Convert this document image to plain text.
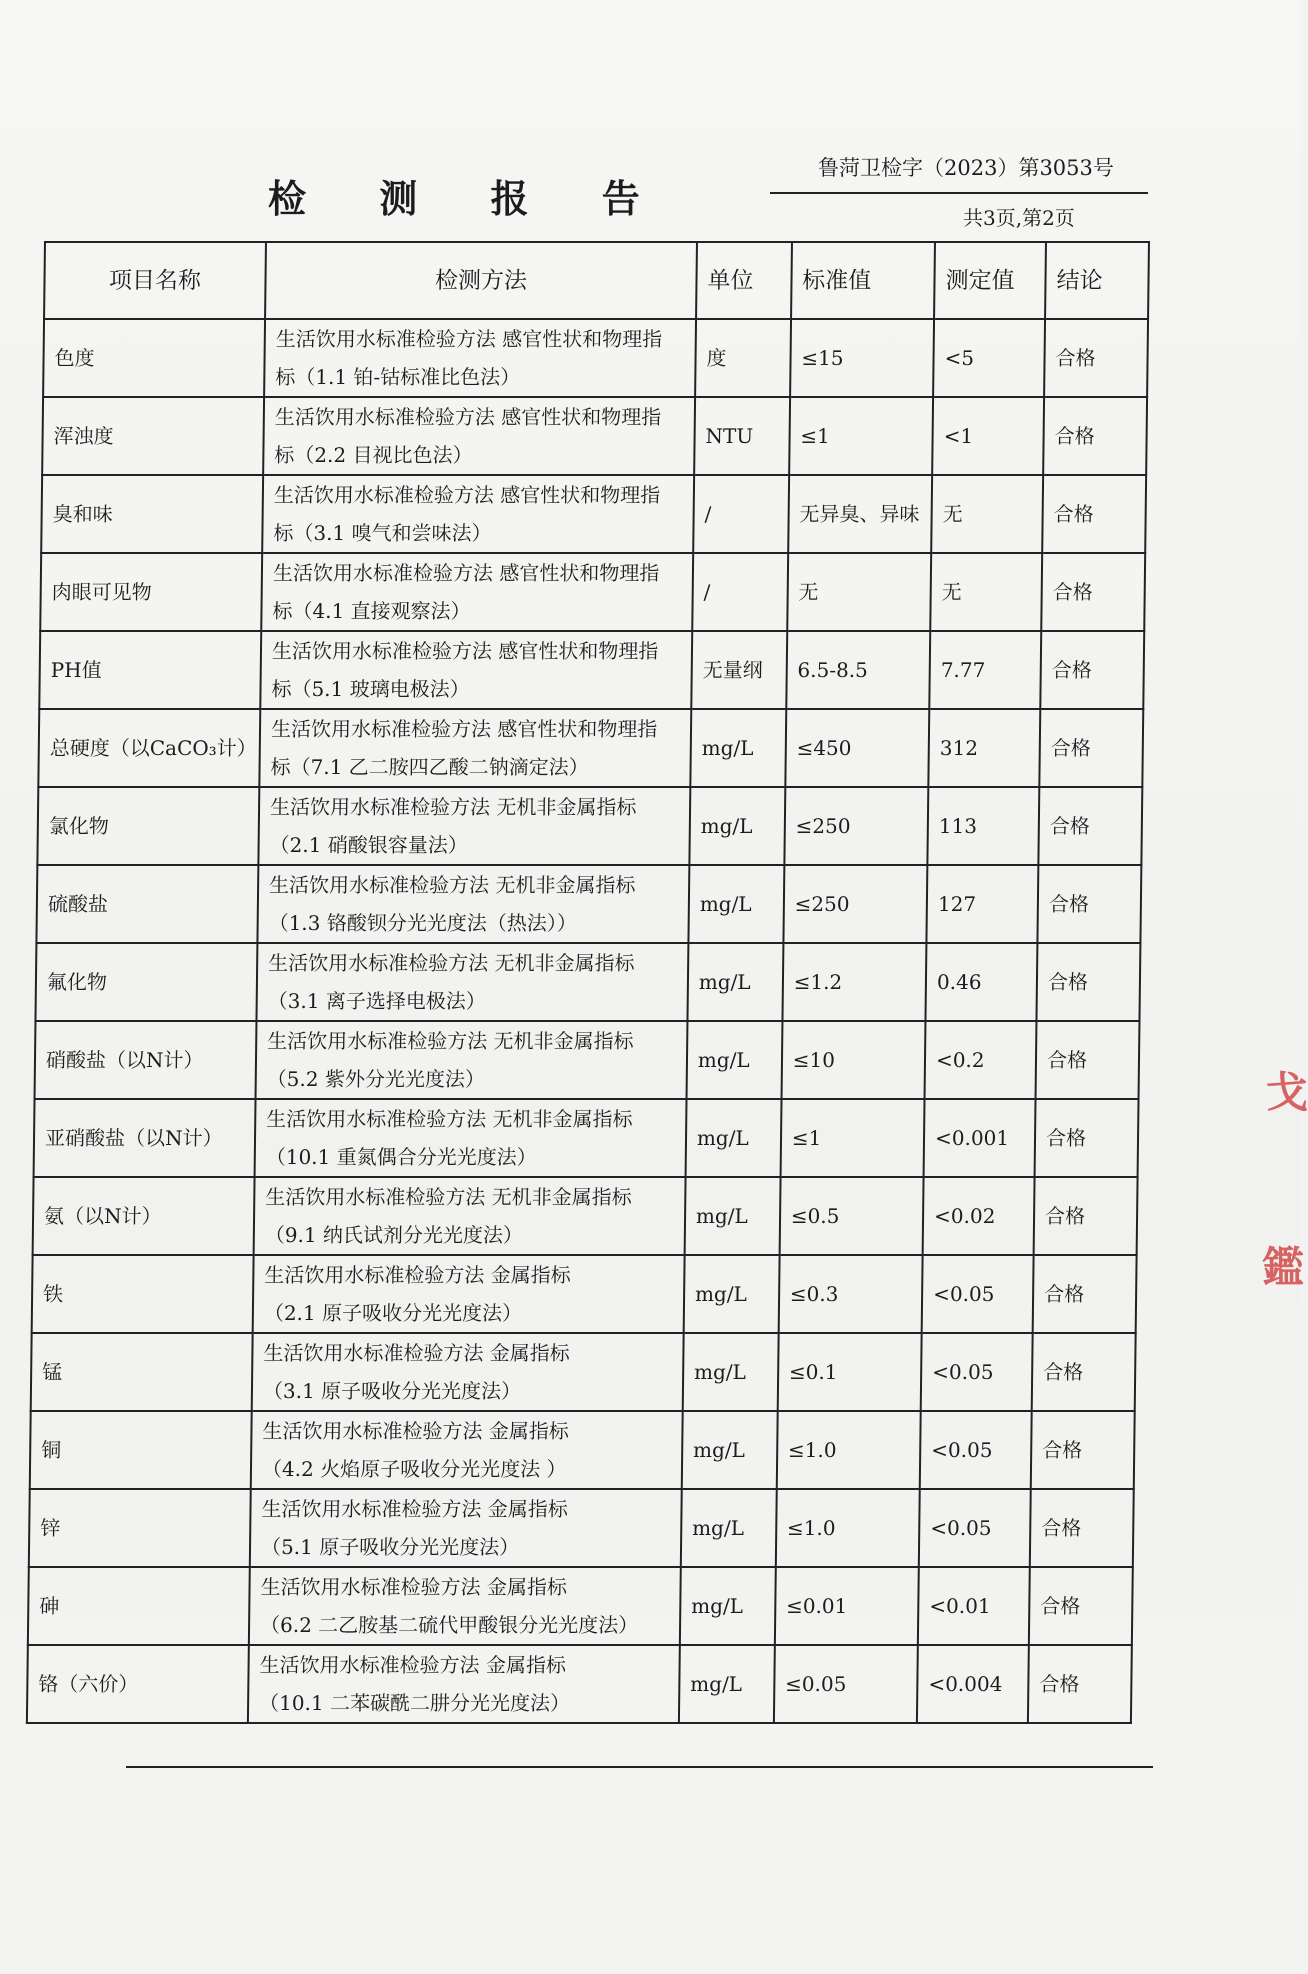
检 测 报 告
鲁菏卫检字（2023）第3053号
共3页,第2页
项目名称	检测方法	单位	标准值	测定值	结论
色度	生活饮用水标准检验方法 感官性状和物理指
标（1.1 铂-钴标准比色法）	度	≤15	<5	合格
浑浊度	生活饮用水标准检验方法 感官性状和物理指
标（2.2 目视比色法）	NTU	≤1	<1	合格
臭和味	生活饮用水标准检验方法 感官性状和物理指
标（3.1 嗅气和尝味法）	/	无异臭、异味	无	合格
肉眼可见物	生活饮用水标准检验方法 感官性状和物理指
标（4.1 直接观察法）	/	无	无	合格
PH值	生活饮用水标准检验方法 感官性状和物理指
标（5.1 玻璃电极法）	无量纲	6.5-8.5	7.77	合格
总硬度（以CaCO₃计）	生活饮用水标准检验方法 感官性状和物理指
标（7.1 乙二胺四乙酸二钠滴定法）	mg/L	≤450	312	合格
氯化物	生活饮用水标准检验方法 无机非金属指标
（2.1 硝酸银容量法）	mg/L	≤250	113	合格
硫酸盐	生活饮用水标准检验方法 无机非金属指标
（1.3 铬酸钡分光光度法（热法））	mg/L	≤250	127	合格
氟化物	生活饮用水标准检验方法 无机非金属指标
（3.1 离子选择电极法）	mg/L	≤1.2	0.46	合格
硝酸盐（以N计）	生活饮用水标准检验方法 无机非金属指标
（5.2 紫外分光光度法）	mg/L	≤10	<0.2	合格
亚硝酸盐（以N计）	生活饮用水标准检验方法 无机非金属指标
（10.1 重氮偶合分光光度法）	mg/L	≤1	<0.001	合格
氨（以N计）	生活饮用水标准检验方法 无机非金属指标
（9.1 纳氏试剂分光光度法）	mg/L	≤0.5	<0.02	合格
铁	生活饮用水标准检验方法 金属指标
（2.1 原子吸收分光光度法）	mg/L	≤0.3	<0.05	合格
锰	生活饮用水标准检验方法 金属指标
（3.1 原子吸收分光光度法）	mg/L	≤0.1	<0.05	合格
铜	生活饮用水标准检验方法 金属指标
（4.2 火焰原子吸收分光光度法 ）	mg/L	≤1.0	<0.05	合格
锌	生活饮用水标准检验方法 金属指标
（5.1 原子吸收分光光度法）	mg/L	≤1.0	<0.05	合格
砷	生活饮用水标准检验方法 金属指标
（6.2 二乙胺基二硫代甲酸银分光光度法）	mg/L	≤0.01	<0.01	合格
铬（六价）	生活饮用水标准检验方法 金属指标
（10.1 二苯碳酰二肼分光光度法）	mg/L	≤0.05	<0.004	合格
戈
鑑
